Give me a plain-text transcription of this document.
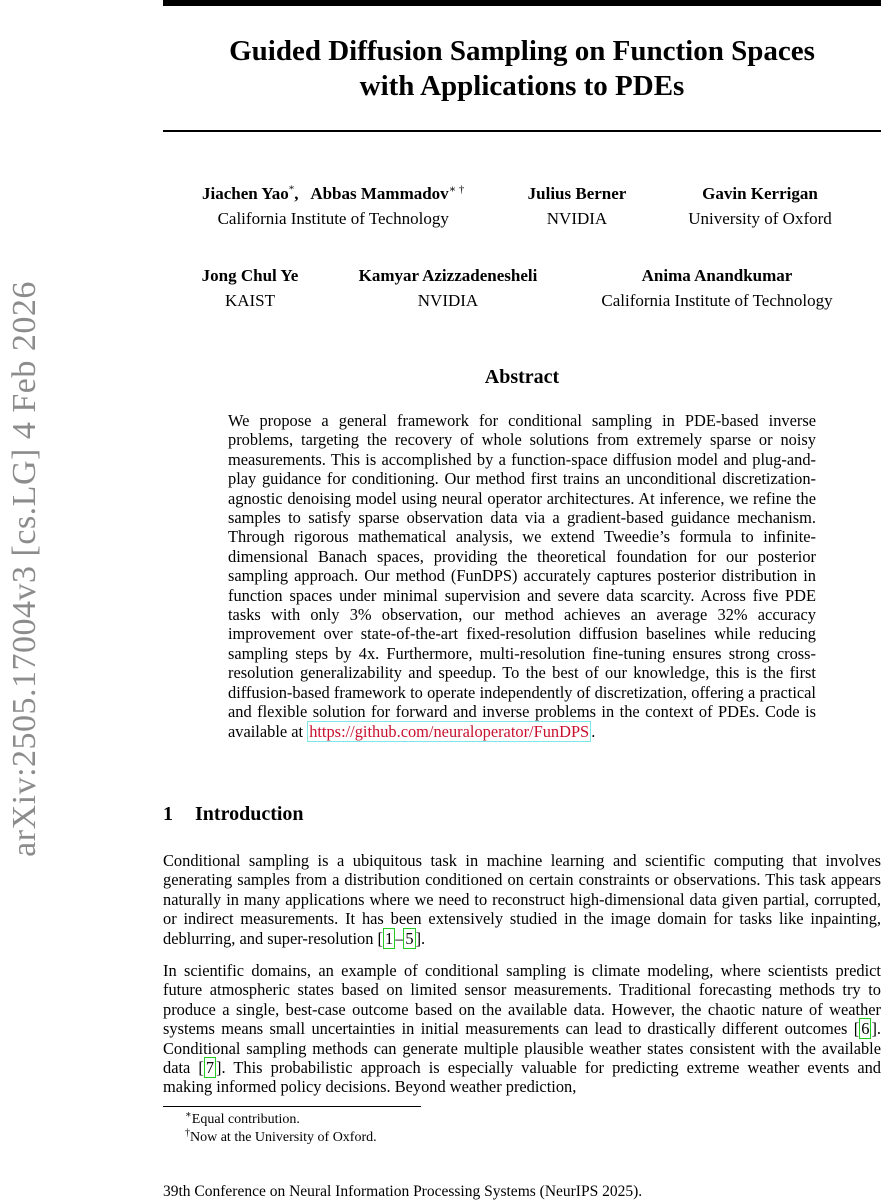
arXiv:2505.17004v3 [cs.LG] 4 Feb 2026
Guided Diffusion Sampling on Function Spaces
with Applications to PDEs
Jiachen Yao*,   Abbas Mammadov∗ †
California Institute of Technology
Julius Berner
NVIDIA
Gavin Kerrigan
University of Oxford
Jong Chul Ye
KAIST
Kamyar Azizzadenesheli
NVIDIA
Anima Anandkumar
California Institute of Technology
Abstract

We propose a general framework for conditional sampling in PDE-based inverse problems, targeting the recovery of whole solutions from extremely sparse or noisy measurements. This is accomplished by a function-space diffusion model and plug-and-play guidance for conditioning. Our method first trains an unconditional discretization-agnostic denoising model using neural operator architectures. At inference, we refine the samples to satisfy sparse observation data via a gradient-based guidance mechanism. Through rigorous mathematical analysis, we extend Tweedie’s formula to infinite-dimensional Banach spaces, providing the theoretical foundation for our posterior sampling approach. Our method (FunDPS) accurately captures posterior distribution in function spaces under minimal supervision and severe data scarcity. Across five PDE tasks with only 3% observation, our method achieves an average 32% accuracy improvement over state-of-the-art fixed-resolution diffusion baselines while reducing sampling steps by 4x. Furthermore, multi-resolution fine-tuning ensures strong cross-resolution generalizability and speedup. To the best of our knowledge, this is the first diffusion-based framework to operate independently of discretization, offering a practical and flexible solution for forward and inverse problems in the context of PDEs. Code is available at https://github.com/neuraloperator/FunDPS .

1 Introduction

Conditional sampling is a ubiquitous task in machine learning and scientific computing that involves generating samples from a distribution conditioned on certain constraints or observations. This task appears naturally in many applications where we need to reconstruct high-dimensional data given partial, corrupted, or indirect measurements. It has been extensively studied in the image domain for tasks like inpainting, deblurring, and super-resolution [ 1 – 5 ].

In scientific domains, an example of conditional sampling is climate modeling, where scientists predict future atmospheric states based on limited sensor measurements. Traditional forecasting methods try to produce a single, best-case outcome based on the available data. However, the chaotic nature of weather systems means small uncertainties in initial measurements can lead to drastically different outcomes [ 6 ]. Conditional sampling methods can generate multiple plausible weather states consistent with the available data [ 7 ]. This probabilistic approach is especially valuable for predicting extreme weather events and making informed policy decisions. Beyond weather prediction,

∗Equal contribution.
†Now at the University of Oxford.
39th Conference on Neural Information Processing Systems (NeurIPS 2025).
